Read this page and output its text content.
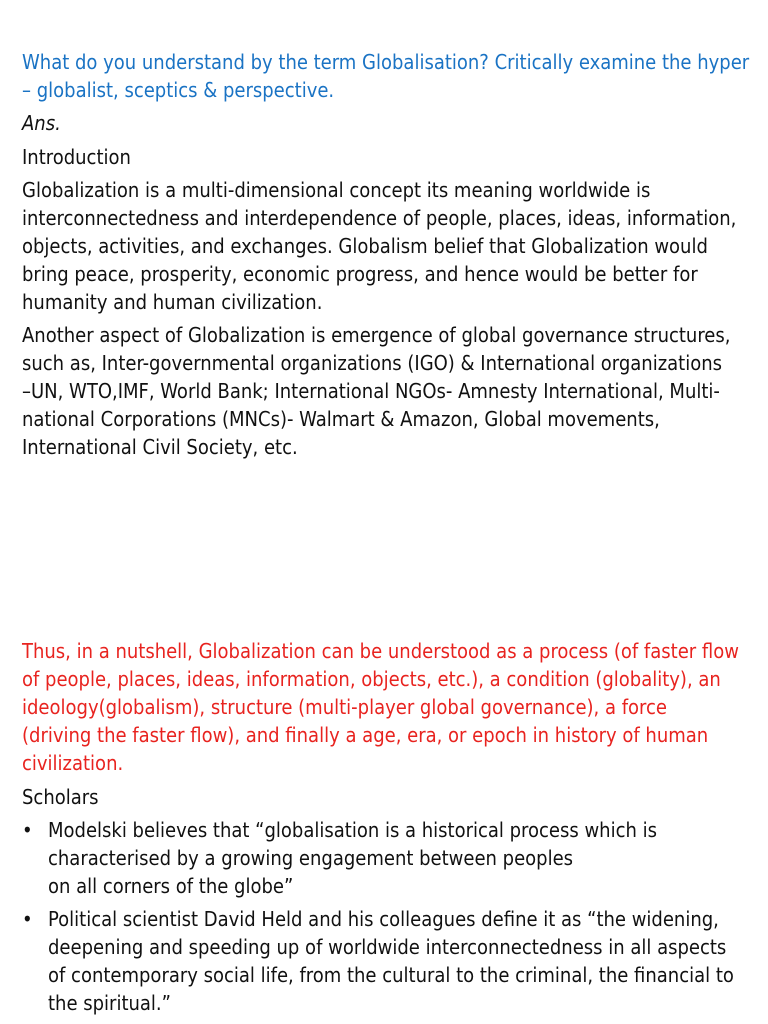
What do you understand by the term Globalisation? Critically examine the hyper
– globalist, sceptics & perspective.

Ans.

Introduction

Globalization is a multi-dimensional concept its meaning worldwide is
interconnectedness and interdependence of people, places, ideas, information,
objects, activities, and exchanges. Globalism belief that Globalization would
bring peace, prosperity, economic progress, and hence would be better for
humanity and human civilization.

Another aspect of Globalization is emergence of global governance structures,
such as, Inter-governmental organizations (IGO) & International organizations
–UN, WTO,IMF, World Bank; International NGOs- Amnesty International, Multi-
national Corporations (MNCs)- Walmart & Amazon, Global movements,
International Civil Society, etc.

Thus, in a nutshell, Globalization can be understood as a process (of faster flow
of people, places, ideas, information, objects, etc.), a condition (globality), an
ideology(globalism), structure (multi-player global governance), a force
(driving the faster flow), and finally a age, era, or epoch in history of human
civilization.

Scholars

• Modelski believes that “globalisation is a historical process which is
characterised by a growing engagement between peoples
on all corners of the globe”
• Political scientist David Held and his colleagues define it as “the widening,
deepening and speeding up of worldwide interconnectedness in all aspects
of contemporary social life, from the cultural to the criminal, the financial to
the spiritual.”
